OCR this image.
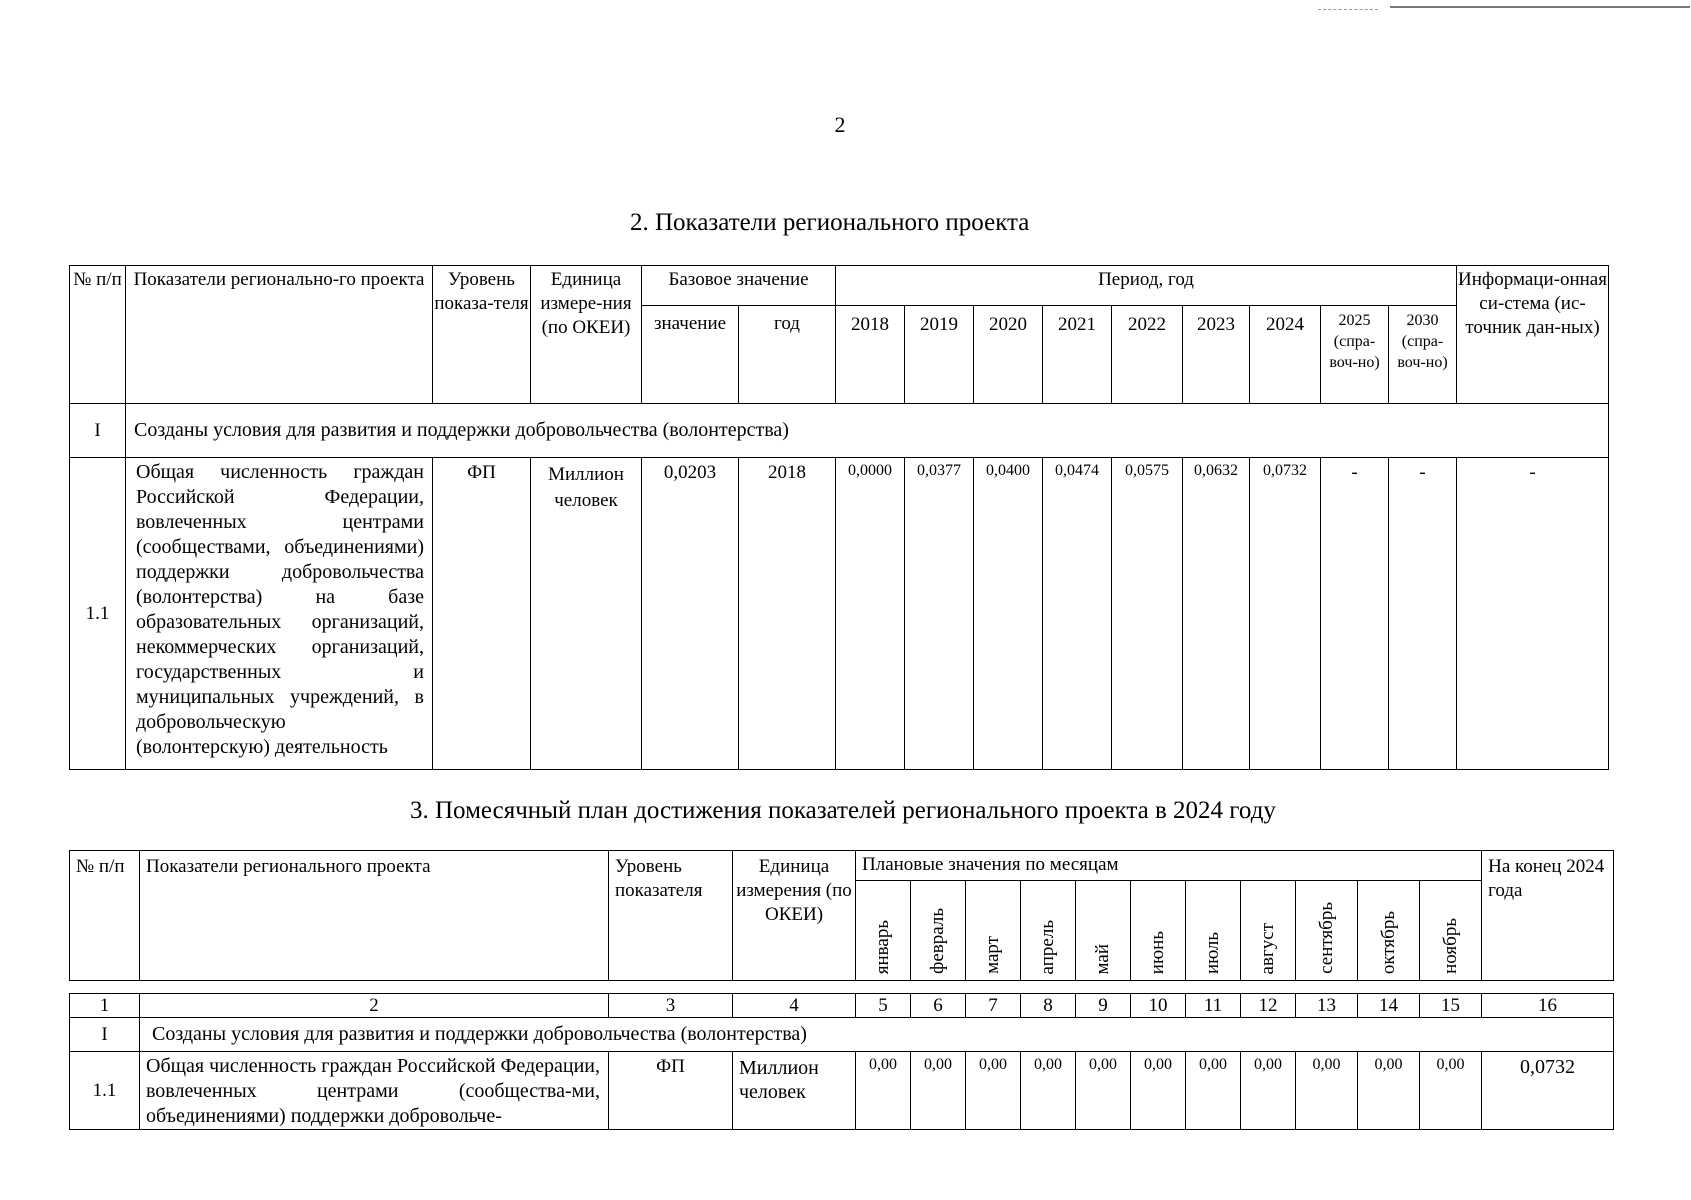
2
2. Показатели регионального проекта
№ п/п	Показатели регионально-го проекта	Уровень показа-теля	Единица измере-ния (по ОКЕИ)	Базовое значение		Период, год									Информаци-онная си-стема (ис-точник дан-ных)
				значение	год	2018	2019	2020	2021	2022	2023	2024	2025 (спра-воч-но)	2030 (спра-воч-но)	
I	Созданы условия для развития и поддержки добровольчества (волонтерства)														
1.1	Общая численность граждан Российской Федерации, вовлеченных центрами (сообществами, объединениями) поддержки добровольчества (волонтерства) на базе образовательных организаций, некоммерческих организаций, государственных и муниципальных учреждений, в добровольческую (волонтерскую) деятельность	ФП	Миллион человек	0,0203	2018	0,0000	0,0377	0,0400	0,0474	0,0575	0,0632	0,0732	-	-	-
3. Помесячный план достижения показателей регионального проекта в 2024 году
№ п/п	Показатели регионального проекта	Уровень показателя	Единица измерения (по ОКЕИ)	Плановые значения по месяцам											На конец 2024 года

				январь	февраль	март	апрель	май	июнь	июль	август	сентябрь	октябрь	ноябрь	
1	2	3	4	5	6	7	8	9	10	11	12	13	14	15	16
I	Созданы условия для развития и поддержки добровольчества (волонтерства)														
1.1	Общая численность граждан Российской Федерации, вовлеченных центрами (сообщества-ми, объединениями) поддержки добровольче-	ФП	Миллион человек	0,00	0,00	0,00	0,00	0,00	0,00	0,00	0,00	0,00	0,00	0,00	0,0732
